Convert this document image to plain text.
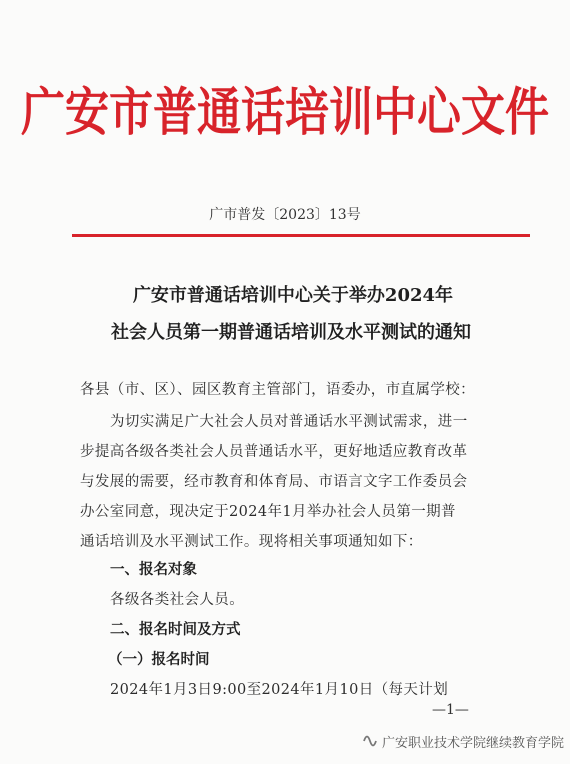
广安市普通话培训中心文件
广市普发〔2023〕13号
广安市普通话培训中心关于举办2024年
社会人员第一期普通话培训及水平测试的通知
各县（市、区）、园区教育主管部门，语委办，市直属学校：
为切实满足广大社会人员对普通话水平测试需求，进一
步提高各级各类社会人员普通话水平，更好地适应教育改革
与发展的需要，经市教育和体育局、市语言文字工作委员会
办公室同意，现决定于2024年1月举办社会人员第一期普
通话培训及水平测试工作。现将相关事项通知如下：
一、报名对象
各级各类社会人员。
二、报名时间及方式
（一）报名时间
2024年1月3日9:00至2024年1月10日（每天计划
—1—
广安职业技术学院继续教育学院
